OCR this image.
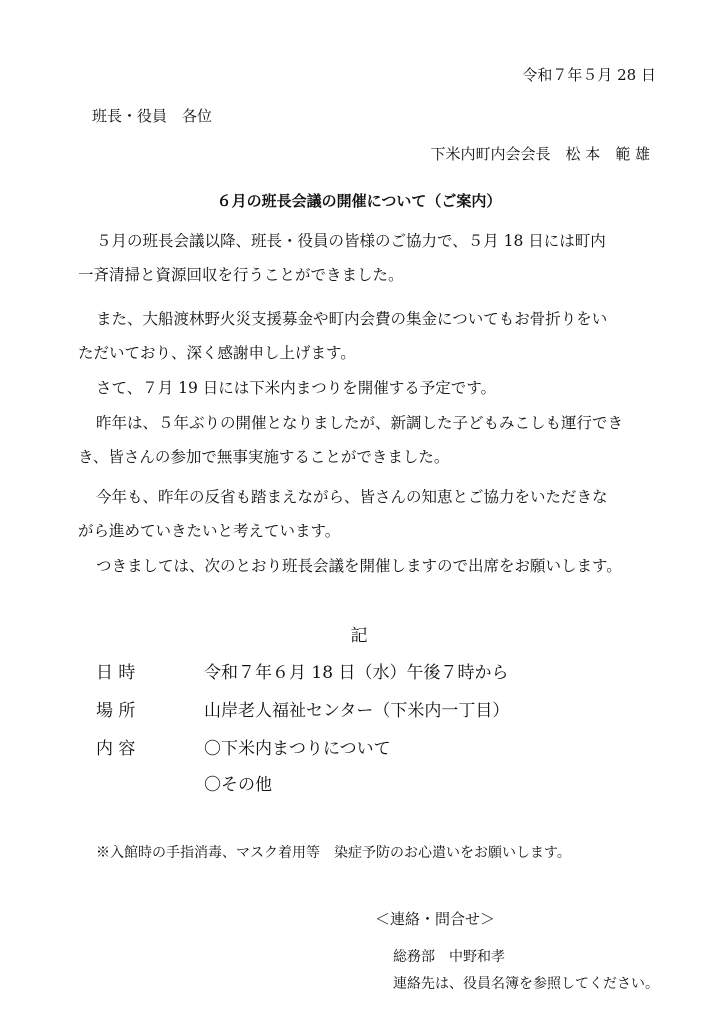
令和７年５月 28 日
班長・役員　各位
下米内町内会会長　松 本　範 雄
６月の班長会議の開催について（ご案内）
５月の班長会議以降、班長・役員の皆様のご協力で、５月 18 日には町内
一斉清掃と資源回収を行うことができました。
また、大船渡林野火災支援募金や町内会費の集金についてもお骨折りをい
ただいており、深く感謝申し上げます。
さて、７月 19 日には下米内まつりを開催する予定です。
昨年は、５年ぶりの開催となりましたが、新調した子どもみこしも運行でき
き、皆さんの参加で無事実施することができました。
今年も、昨年の反省も踏まえながら、皆さんの知恵とご協力をいただきな
がら進めていきたいと考えています。
つきましては、次のとおり班長会議を開催しますので出席をお願いします。
記
日 時	令和７年６月 18 日（水）午後７時から
場 所	山岸老人福祉センター（下米内一丁目）
内 容	〇下米内まつりについて
〇その他
※入館時の手指消毒、マスク着用等　染症予防のお心遣いをお願いします。
＜連絡・問合せ＞
総務部　中野和孝
連絡先は、役員名簿を参照してください。
